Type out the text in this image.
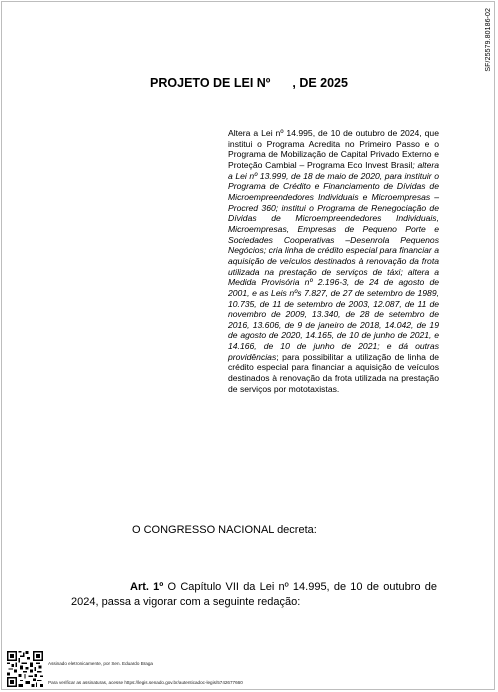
SF/25579.80186-02
PROJETO DE LEI Nº , DE 2025
Altera a Lei nº 14.995, de 10 de outubro de 2024, que institui o Programa Acredita no Primeiro Passo e o Programa de Mobilização de Capital Privado Externo e Proteção Cambial – Programa Eco Invest Brasil; altera a Lei nº 13.999, de 18 de maio de 2020, para instituir o Programa de Crédito e Financiamento de Dívidas de Microempreendedores Individuais e Microempresas – Procred 360; institui o Programa de Renegociação de Dívidas de Microempreendedores Individuais, Microempresas, Empresas de Pequeno Porte e Sociedades Cooperativas –Desenrola Pequenos Negócios; cria linha de crédito especial para financiar a aquisição de veículos destinados à renovação da frota utilizada na prestação de serviços de táxi; altera a Medida Provisória nº 2.196-3, de 24 de agosto de 2001, e as Leis nºs 7.827, de 27 de setembro de 1989, 10.735, de 11 de setembro de 2003, 12.087, de 11 de novembro de 2009, 13.340, de 28 de setembro de 2016, 13.606, de 9 de janeiro de 2018, 14.042, de 19 de agosto de 2020, 14.165, de 10 de junho de 2021, e 14.166, de 10 de junho de 2021; e dá outras providências; para possibilitar a utilização de linha de crédito especial para financiar a aquisição de veículos destinados à renovação da frota utilizada na prestação de serviços por mototaxistas.
O CONGRESSO NACIONAL decreta:
Art. 1º O Capítulo VII da Lei nº 14.995, de 10 de outubro de 2024, passa a vigorar com a seguinte redação:
Assinado eletronicamente, por Sen. Eduardo Braga
Para verificar as assinaturas, acesse https://legis.senado.gov.br/autenticadoc-legis/5742677660
